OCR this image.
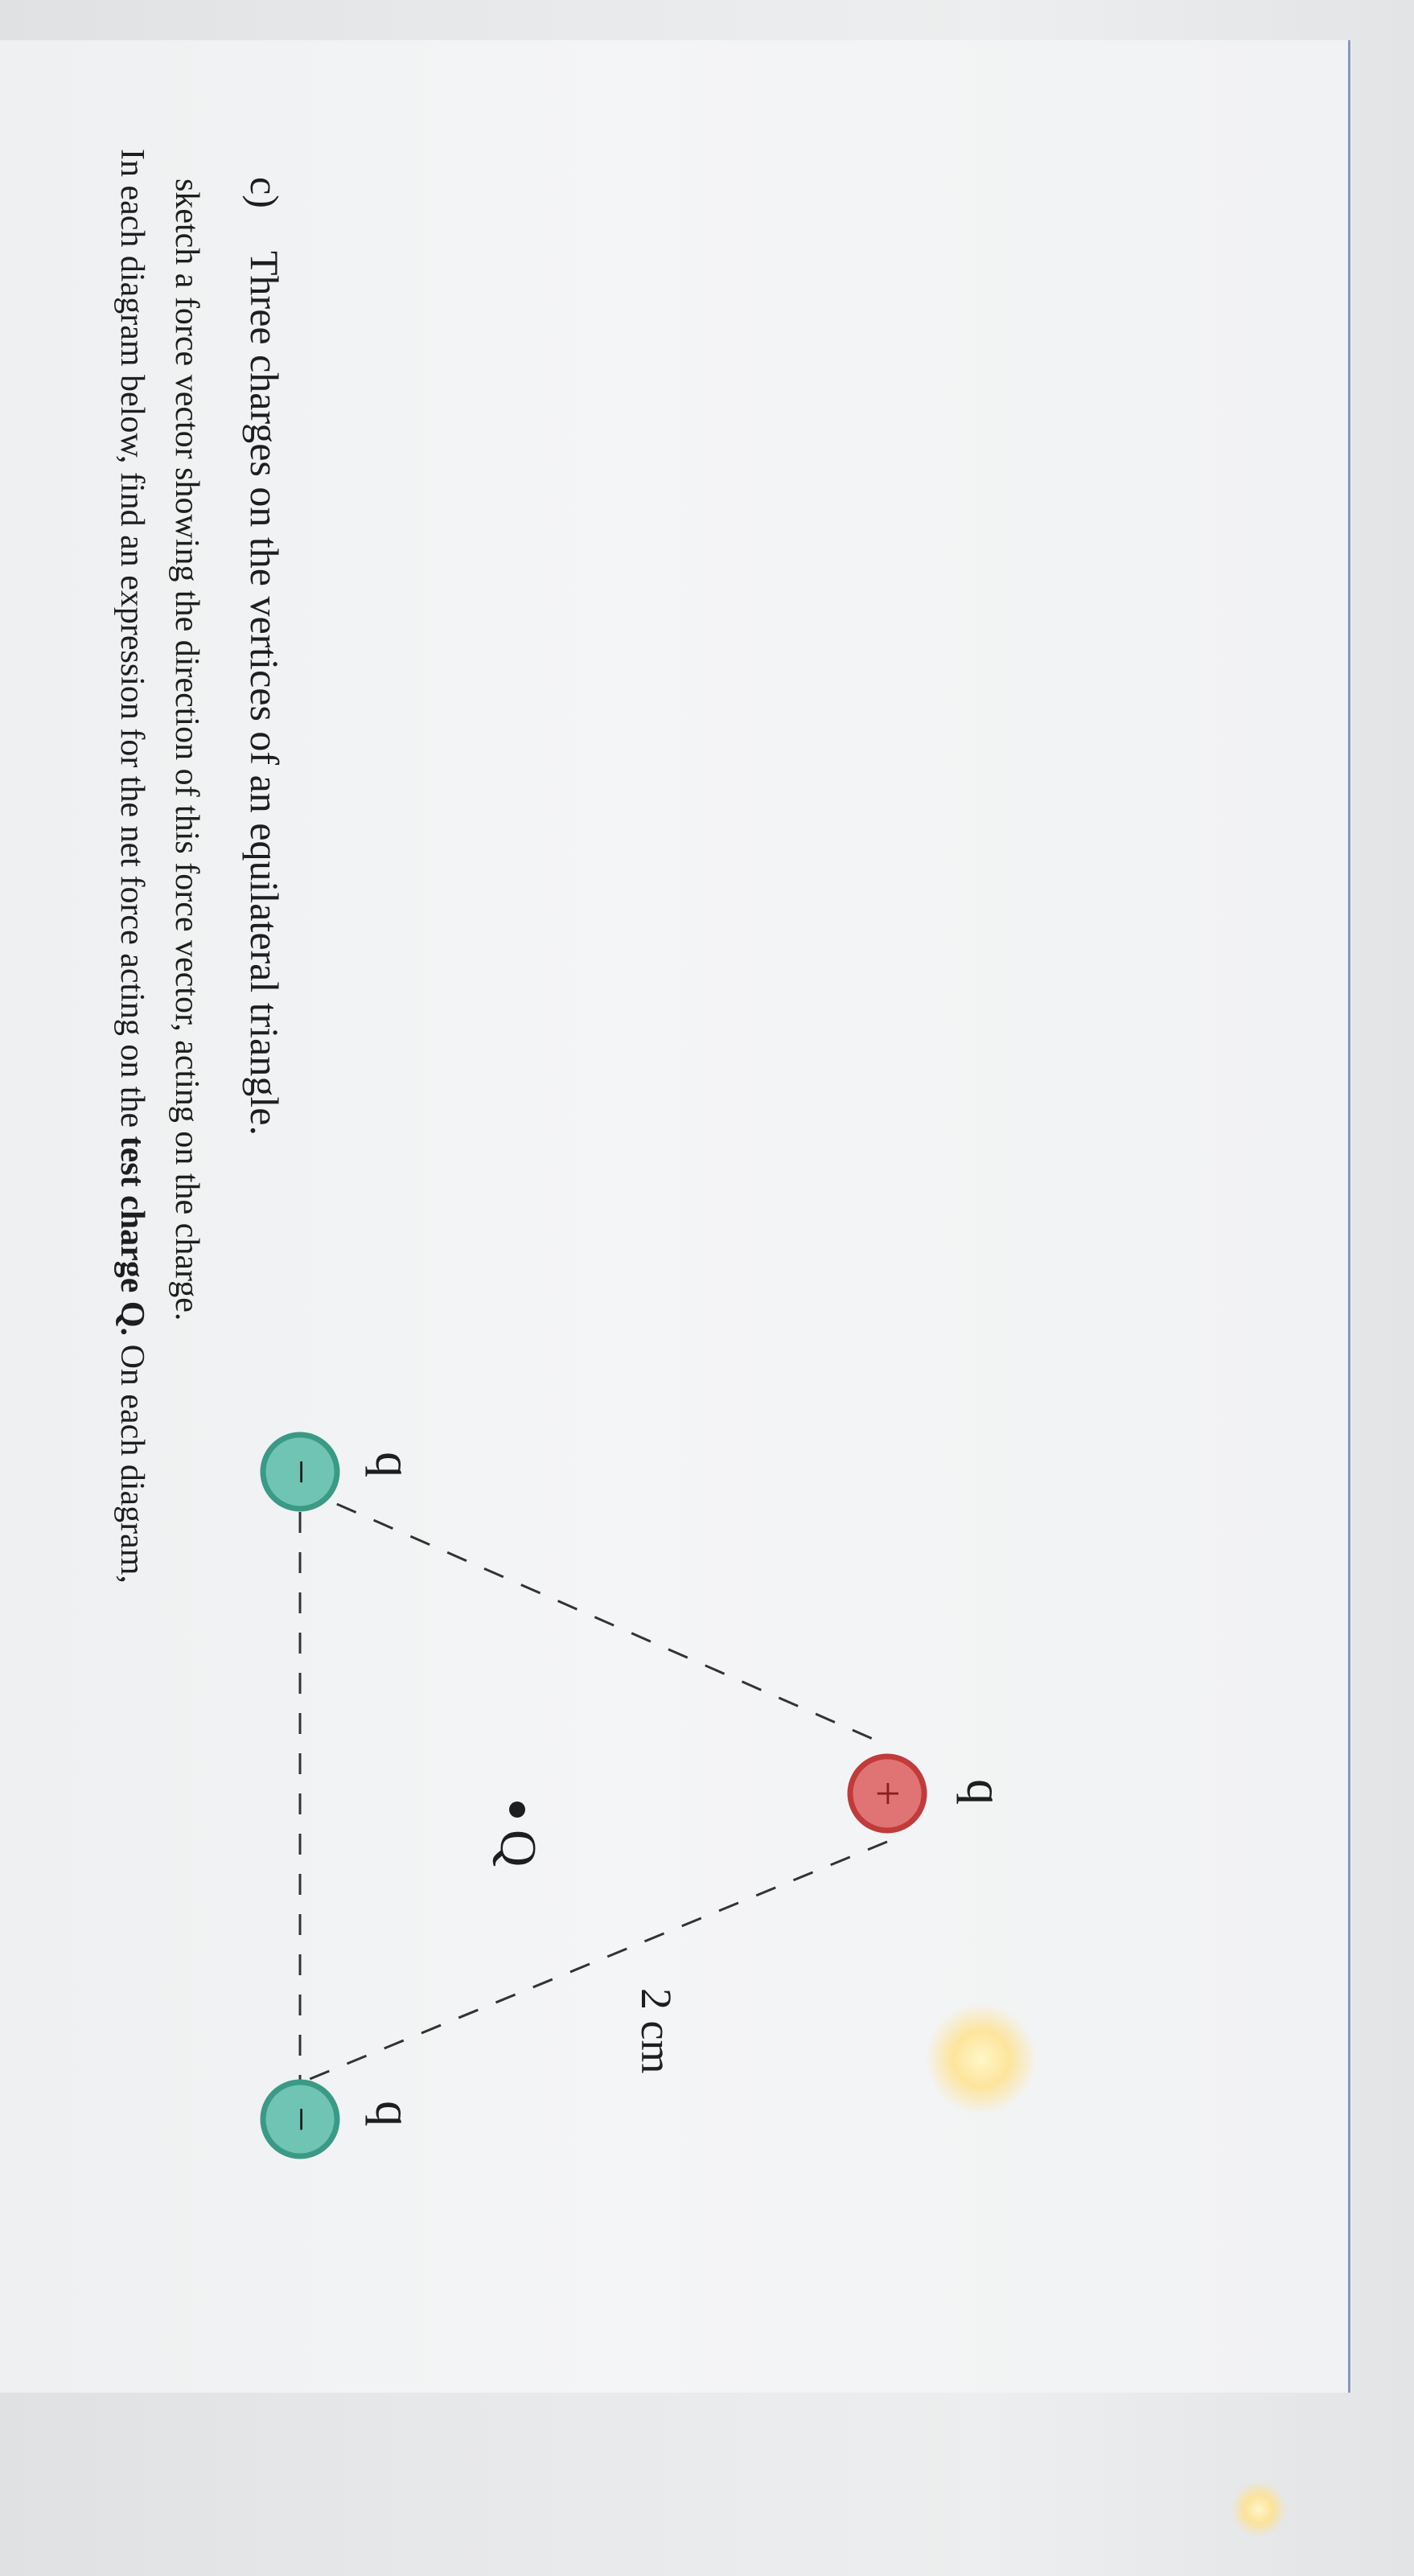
In each diagram below, find an expression for the net force acting on the test charge Q. On each diagram,
sketch a force vector showing the direction of this force vector, acting on the charge. c)Three charges on the vertices of an equilateral triangle.
+
−
−
q
q
q
Q
2 cm
